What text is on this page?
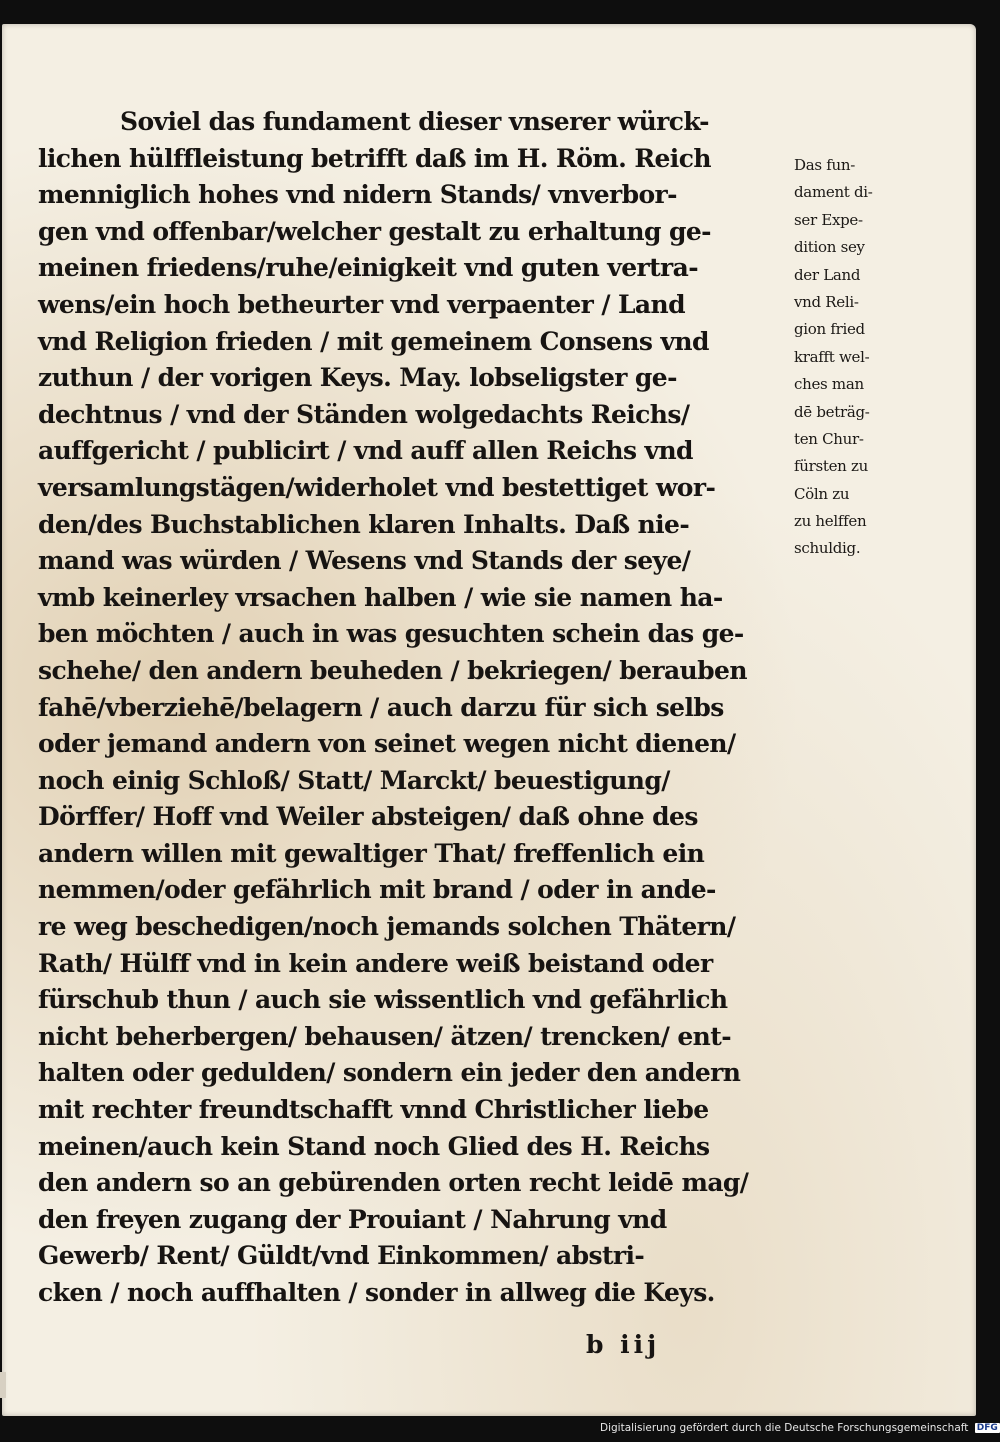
Soviel das fundament dieser vnserer würck-
lichen hülffleistung betrifft daß im H. Röm. Reich
menniglich hohes vnd nidern Stands/ vnverbor-
gen vnd offenbar/welcher gestalt zu erhaltung ge-
meinen friedens/ruhe/einigkeit vnd guten vertra-
wens/ein hoch betheurter vnd verpaenter / Land
vnd Religion frieden / mit gemeinem Consens vnd
zuthun / der vorigen Keys. May. lobseligster ge-
dechtnus / vnd der Ständen wolgedachts Reichs/
auffgericht / publicirt / vnd auff allen Reichs vnd
versamlungstägen/widerholet vnd bestettiget wor-
den/des Buchstablichen klaren Inhalts. Daß nie-
mand was würden / Wesens vnd Stands der seye/
vmb keinerley vrsachen halben / wie sie namen ha-
ben möchten / auch in was gesuchten schein das ge-
schehe/ den andern beuheden / bekriegen/ berauben
fahē/vberziehē/belagern / auch darzu für sich selbs
oder jemand andern von seinet wegen nicht dienen/
noch einig Schloß/ Statt/ Marckt/ beuestigung/
Dörffer/ Hoff vnd Weiler absteigen/ daß ohne des
andern willen mit gewaltiger That/ freffenlich ein
nemmen/oder gefährlich mit brand / oder in ande-
re weg beschedigen/noch jemands solchen Thätern/
Rath/ Hülff vnd in kein andere weiß beistand oder
fürschub thun / auch sie wissentlich vnd gefährlich
nicht beherbergen/ behausen/ ätzen/ trencken/ ent-
halten oder gedulden/ sondern ein jeder den andern
mit rechter freundtschafft vnnd Christlicher liebe
meinen/auch kein Stand noch Glied des H. Reichs
den andern so an gebürenden orten recht leidē mag/
den freyen zugang der Prouiant / Nahrung vnd
Gewerb/ Rent/ Güldt/vnd Einkommen/ abstri-
cken / noch auffhalten / sonder in allweg die Keys.
Das fun-
dament di-
ser Expe-
dition sey
der Land
vnd Reli-
gion fried
krafft wel-
ches man
dē beträg-
ten Chur-
fürsten zu
Cöln zu
zu helffen
schuldig.
b iij
Digitalisierung gefördert durch die Deutsche Forschungsgemeinschaft DFG
